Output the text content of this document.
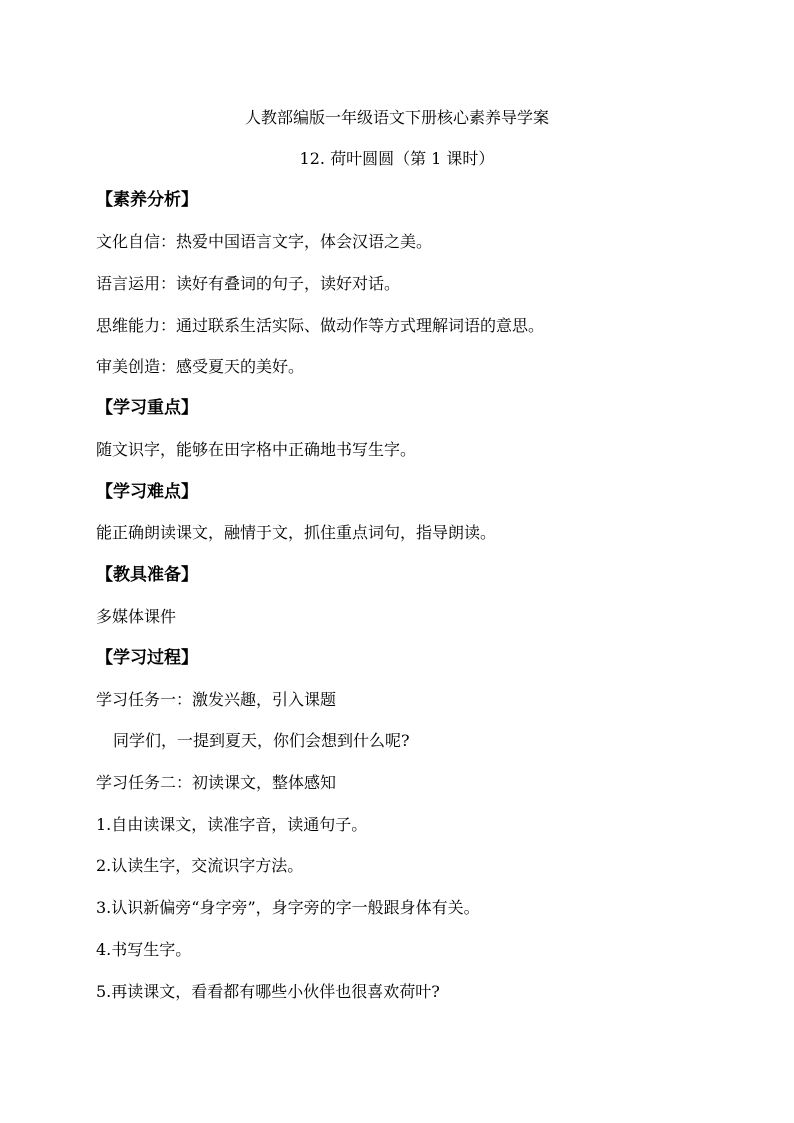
人教部编版一年级语文下册核心素养导学案
12. 荷叶圆圆（第 1 课时）
【素养分析】
文化自信：热爱中国语言文字，体会汉语之美。
语言运用：读好有叠词的句子，读好对话。
思维能力：通过联系生活实际、做动作等方式理解词语的意思。
审美创造：感受夏天的美好。
【学习重点】
随文识字，能够在田字格中正确地书写生字。
【学习难点】
能正确朗读课文，融情于文，抓住重点词句，指导朗读。
【教具准备】
多媒体课件
【学习过程】
学习任务一：激发兴趣，引入课题
同学们，一提到夏天，你们会想到什么呢?
学习任务二：初读课文，整体感知
1.自由读课文，读准字音，读通句子。
2.认读生字，交流识字方法。
3.认识新偏旁“身字旁”，身字旁的字一般跟身体有关。
4.书写生字。
5.再读课文，看看都有哪些小伙伴也很喜欢荷叶?
